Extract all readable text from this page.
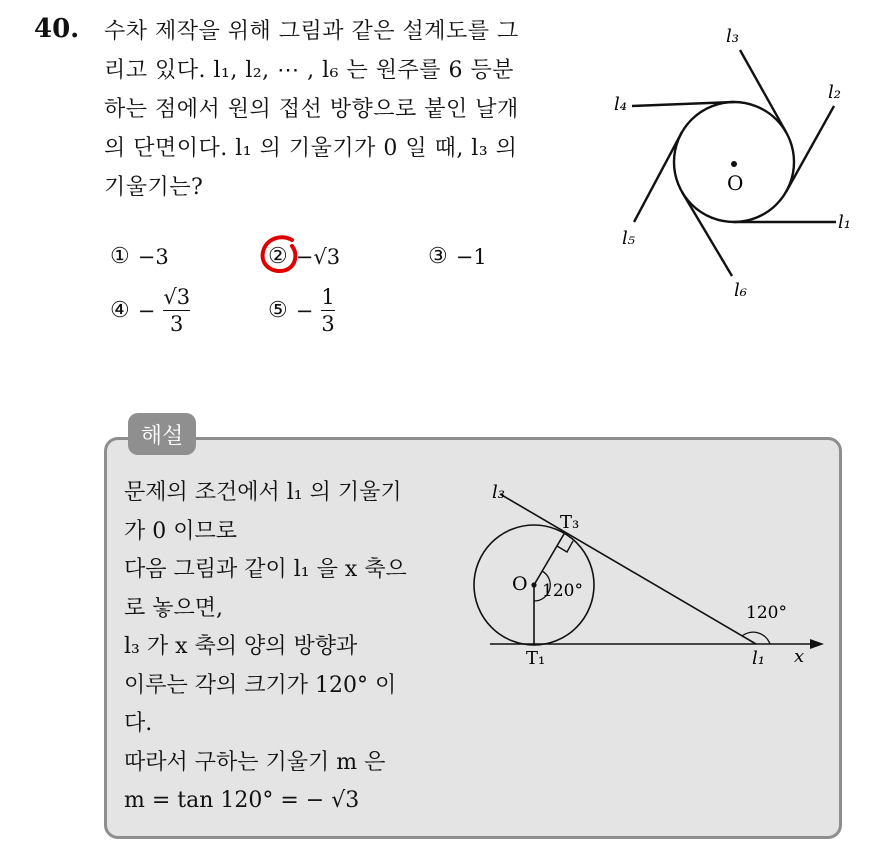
40. 수차 제작을 위해 그림과 같은 설계도를 그
리고 있다. l₁, l₂, ⋯ , l₆ 는 원주를 6 등분
하는 점에서 원의 접선 방향으로 붙인 날개
의 단면이다. l₁ 의 기울기가 0 일 때, l₃ 의
기울기는?	O
l₁
l₂
l₃
l₄
l₅
l₆
① −3	② −√3	③ −1
④ − $\frac{√3}{3}$	⑤ − $\frac{1}{3}$
해설
문제의 조건에서 l₁ 의 기울기
가 0 이므로
다음 그림과 같이 l₁ 을 x 축으
로 놓으면,
l₃ 가 x 축의 양의 방향과
이루는 각의 크기가 120° 이
다.
따라서 구하는 기울기 m 은
m = tan 120° = − √3
l₃
T₃
O 120°
120°
T₁	l₁ x
